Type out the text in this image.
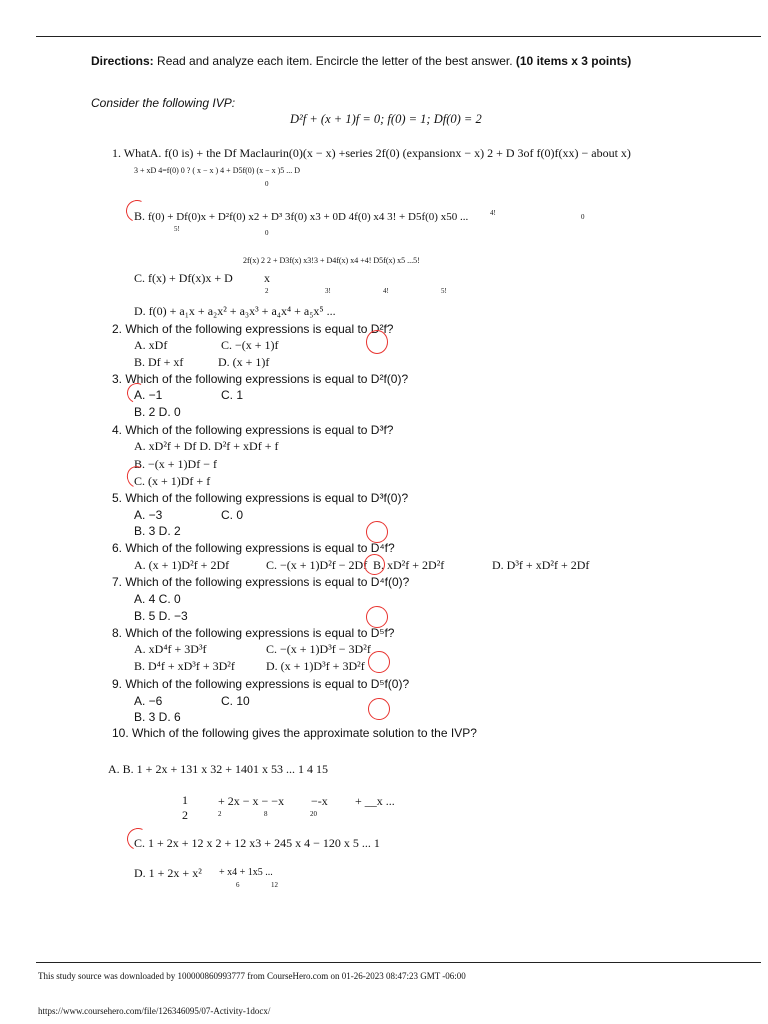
Directions: Read and analyze each item. Encircle the letter of the best answer. (10 items x 3 points)
Consider the following IVP:
D²f + (x + 1)f = 0; f(0) = 1; Df(0) = 2
1. WhatA. f(0 is) + the Df Maclaurin(0)(x − x) +series 2f(0) (expansionx − x) 2 + D 3of f(0)f(xx) − about x)
3 + xD 4=f(0) 0 ? ( x − x ) 4 + D5f(0) (x − x )5 ... D
0
B. f(0) + Df(0)x + D²f(0) x2 + D³ 3f(0) x3 + 0D 4f(0) x4 3! + D5f(0) x50 ...
5!
4!	0
0
2f(x) 2 2 + D3f(x) x3!3 + D4f(x) x4 +4! D5f(x) x5 ...5!
C. f(x) + Df(x)x + D	x
2	3!	4!	5!
D. f(0) + a₁x + a₂x² + a₃x³ + a₄x⁴ + a₅x⁵ ...
2. Which of the following expressions is equal to D²f?
A. xDf	C. −(x + 1)f
B. Df + xf	D. (x + 1)f
3. Which of the following expressions is equal to D²f(0)?
A. −1	C. 1
B. 2 D. 0
4. Which of the following expressions is equal to D³f?
A. xD²f + Df D. D²f + xDf + f
B. −(x + 1)Df − f
C. (x + 1)Df + f
5. Which of the following expressions is equal to D³f(0)?
A. −3	C. 0
B. 3 D. 2
6. Which of the following expressions is equal to D⁴f?
A. (x + 1)D²f + 2Df	C. −(x + 1)D²f − 2Df B. xD²f + 2D²f	D. D³f + xD²f + 2Df
7. Which of the following expressions is equal to D⁴f(0)?
A. 4 C. 0
B. 5 D. −3
8. Which of the following expressions is equal to D⁵f?
A. xD⁴f + 3D³f	C. −(x + 1)D³f − 3D²f
B. D⁴f + xD³f + 3D²f	D. (x + 1)D³f + 3D²f
9. Which of the following expressions is equal to D⁵f(0)?
A. −6	C. 10
B. 3 D. 6
10. Which of the following gives the approximate solution to the IVP?
A. B. 1 + 2x + 131 x 32 + 1401 x 53 ... 1 4 15
1
2
+ 2x − x − −x −-x + __x ...
2	8	20
C. 1 + 2x + 12 x 2 + 12 x3 + 245 x 4 − 120 x 5 ... 1
D. 1 + 2x + x² + x4 + 1x5 ...
6	12
This study source was downloaded by 100000860993777 from CourseHero.com on 01-26-2023 08:47:23 GMT -06:00
https://www.coursehero.com/file/126346095/07-Activity-1docx/
